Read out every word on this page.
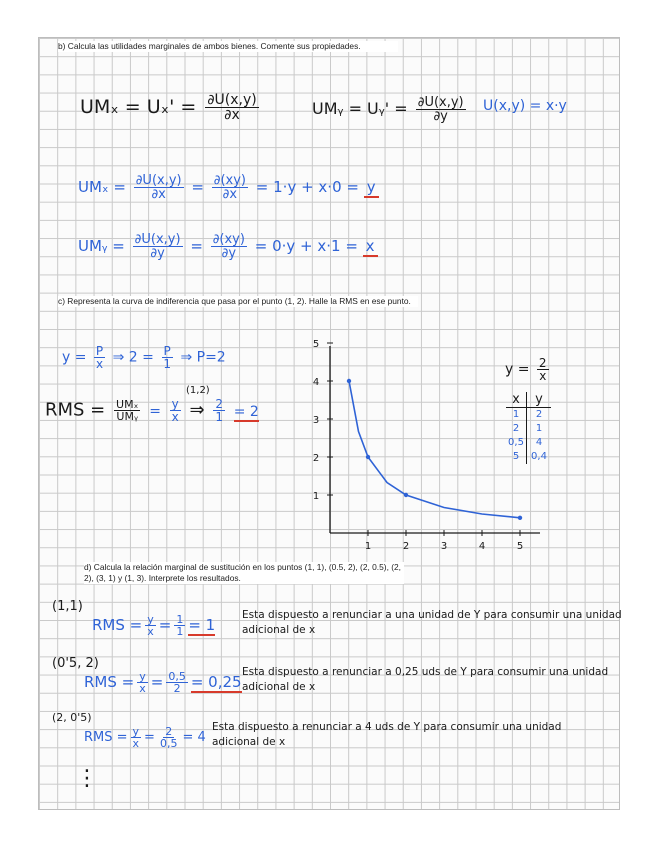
b) Calcula las utilidades marginales de ambos bienes. Comente sus propiedades.
$UM_x = U_x' = \frac{\partial U(x,y)}{\partial x}$	UMᵧ = Uᵧ' = $\frac{\partial U(x,y)}{\partial y} U(x,y) = x\cdot y$
$UM_x = \frac{\partial U(x,y)}{\partial x} = \frac{\partial(xy)}{\partial x} = 1\cdot y + x\cdot 0 = y$
UMᵧ = $\frac{\partial U(x,y)}{\partial y} = \frac{\partial(xy)}{\partial y} = 0\cdot y + x\cdot 1 = x$
c) Representa la curva de indiferencia que pasa por el punto (1, 2). Halle la RMS en ese punto.
$y = \frac{P}{x}$ ⇒ $2 = \frac{P}{1}$ ⇒ P=2
(1,2)
RMS = $\frac{\text{UMₓ}}{\text{UMᵧ}} = \frac{y}{x}$ ⇒ $\frac{2}{1} = 2$
1	2	3	4	5
1
2
3
4
5
$y = \frac{2}{x}$
x	y
1	2
2	1
0,5	4
5	0,4
d) Calcula la relación marginal de sustitución en los puntos (1, 1), (0.5, 2), (2, 0.5), (2, 2), (3, 1) y (1, 3). Interprete los resultados.
(1,1)
RMS = $\frac{y}{x} = \frac{1}{1} = 1$
Esta dispuesto a renunciar a una unidad de Y para consumir una unidad
adicional de x
(0'5, 2)
RMS = $\frac{y}{x} = \frac{0,5}{2} = 0,25$
Esta dispuesto a renunciar a 0,25 uds de Y para consumir una unidad
adicional de x
(2, 0'5)
RMS = $\frac{y}{x} = \frac{2}{0,5} = 4$
Esta dispuesto a renunciar a 4 uds de Y para consumir una unidad
adicional de x
⋮
